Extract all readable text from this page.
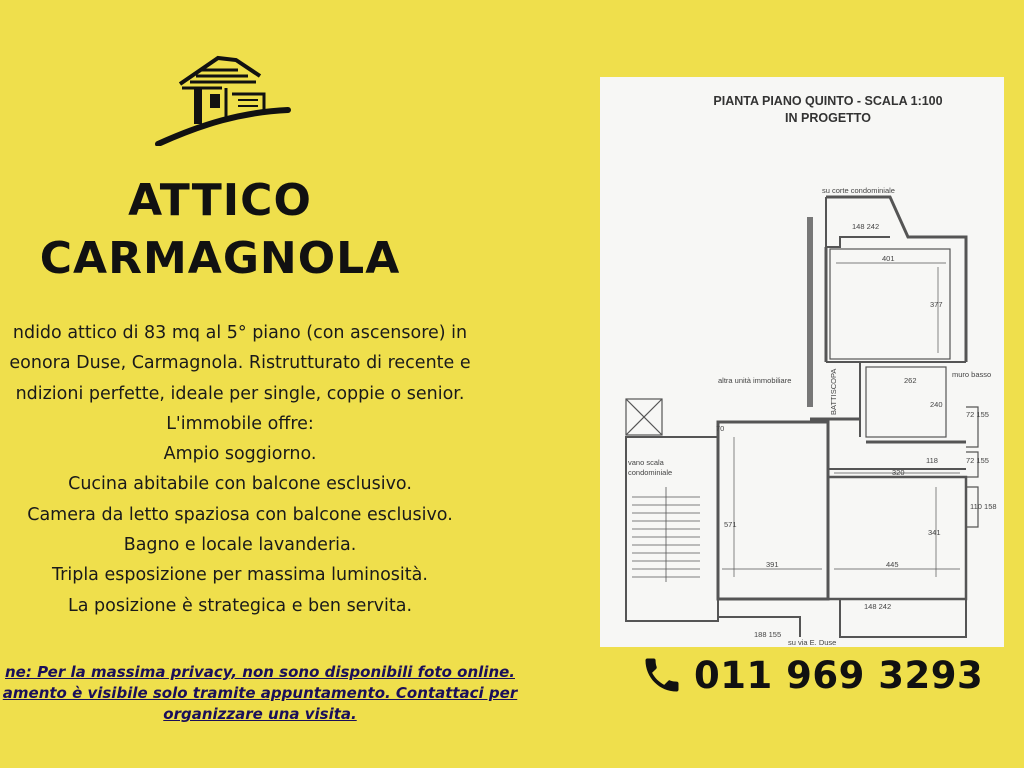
ATTICO
CARMAGNOLA
ndido attico di 83 mq al 5° piano (con ascensore) in
eonora Duse, Carmagnola. Ristrutturato di recente e
ndizioni perfette, ideale per single, coppie o senior.
L'immobile offre:
Ampio soggiorno.
Cucina abitabile con balcone esclusivo.
Camera da letto spaziosa con balcone esclusivo.
Bagno e locale lavanderia.
Tripla esposizione per massima luminosità.
La posizione è strategica e ben servita.
ne: Per la massima privacy, non sono disponibili foto online.
amento è visibile solo tramite appuntamento. Contattaci per
organizzare una visita.
PIANTA PIANO QUINTO - SCALA 1:100
IN PROGETTO
su corte condominiale
altra unità immobiliare
muro basso
vano scala
condominiale
su via E. Duse
BATTISCOPA
401
377
262
240
118
320
571
341
391	445
70
148 242
72 155
72 155
110 158
148 242
188 155
011 969 3293
